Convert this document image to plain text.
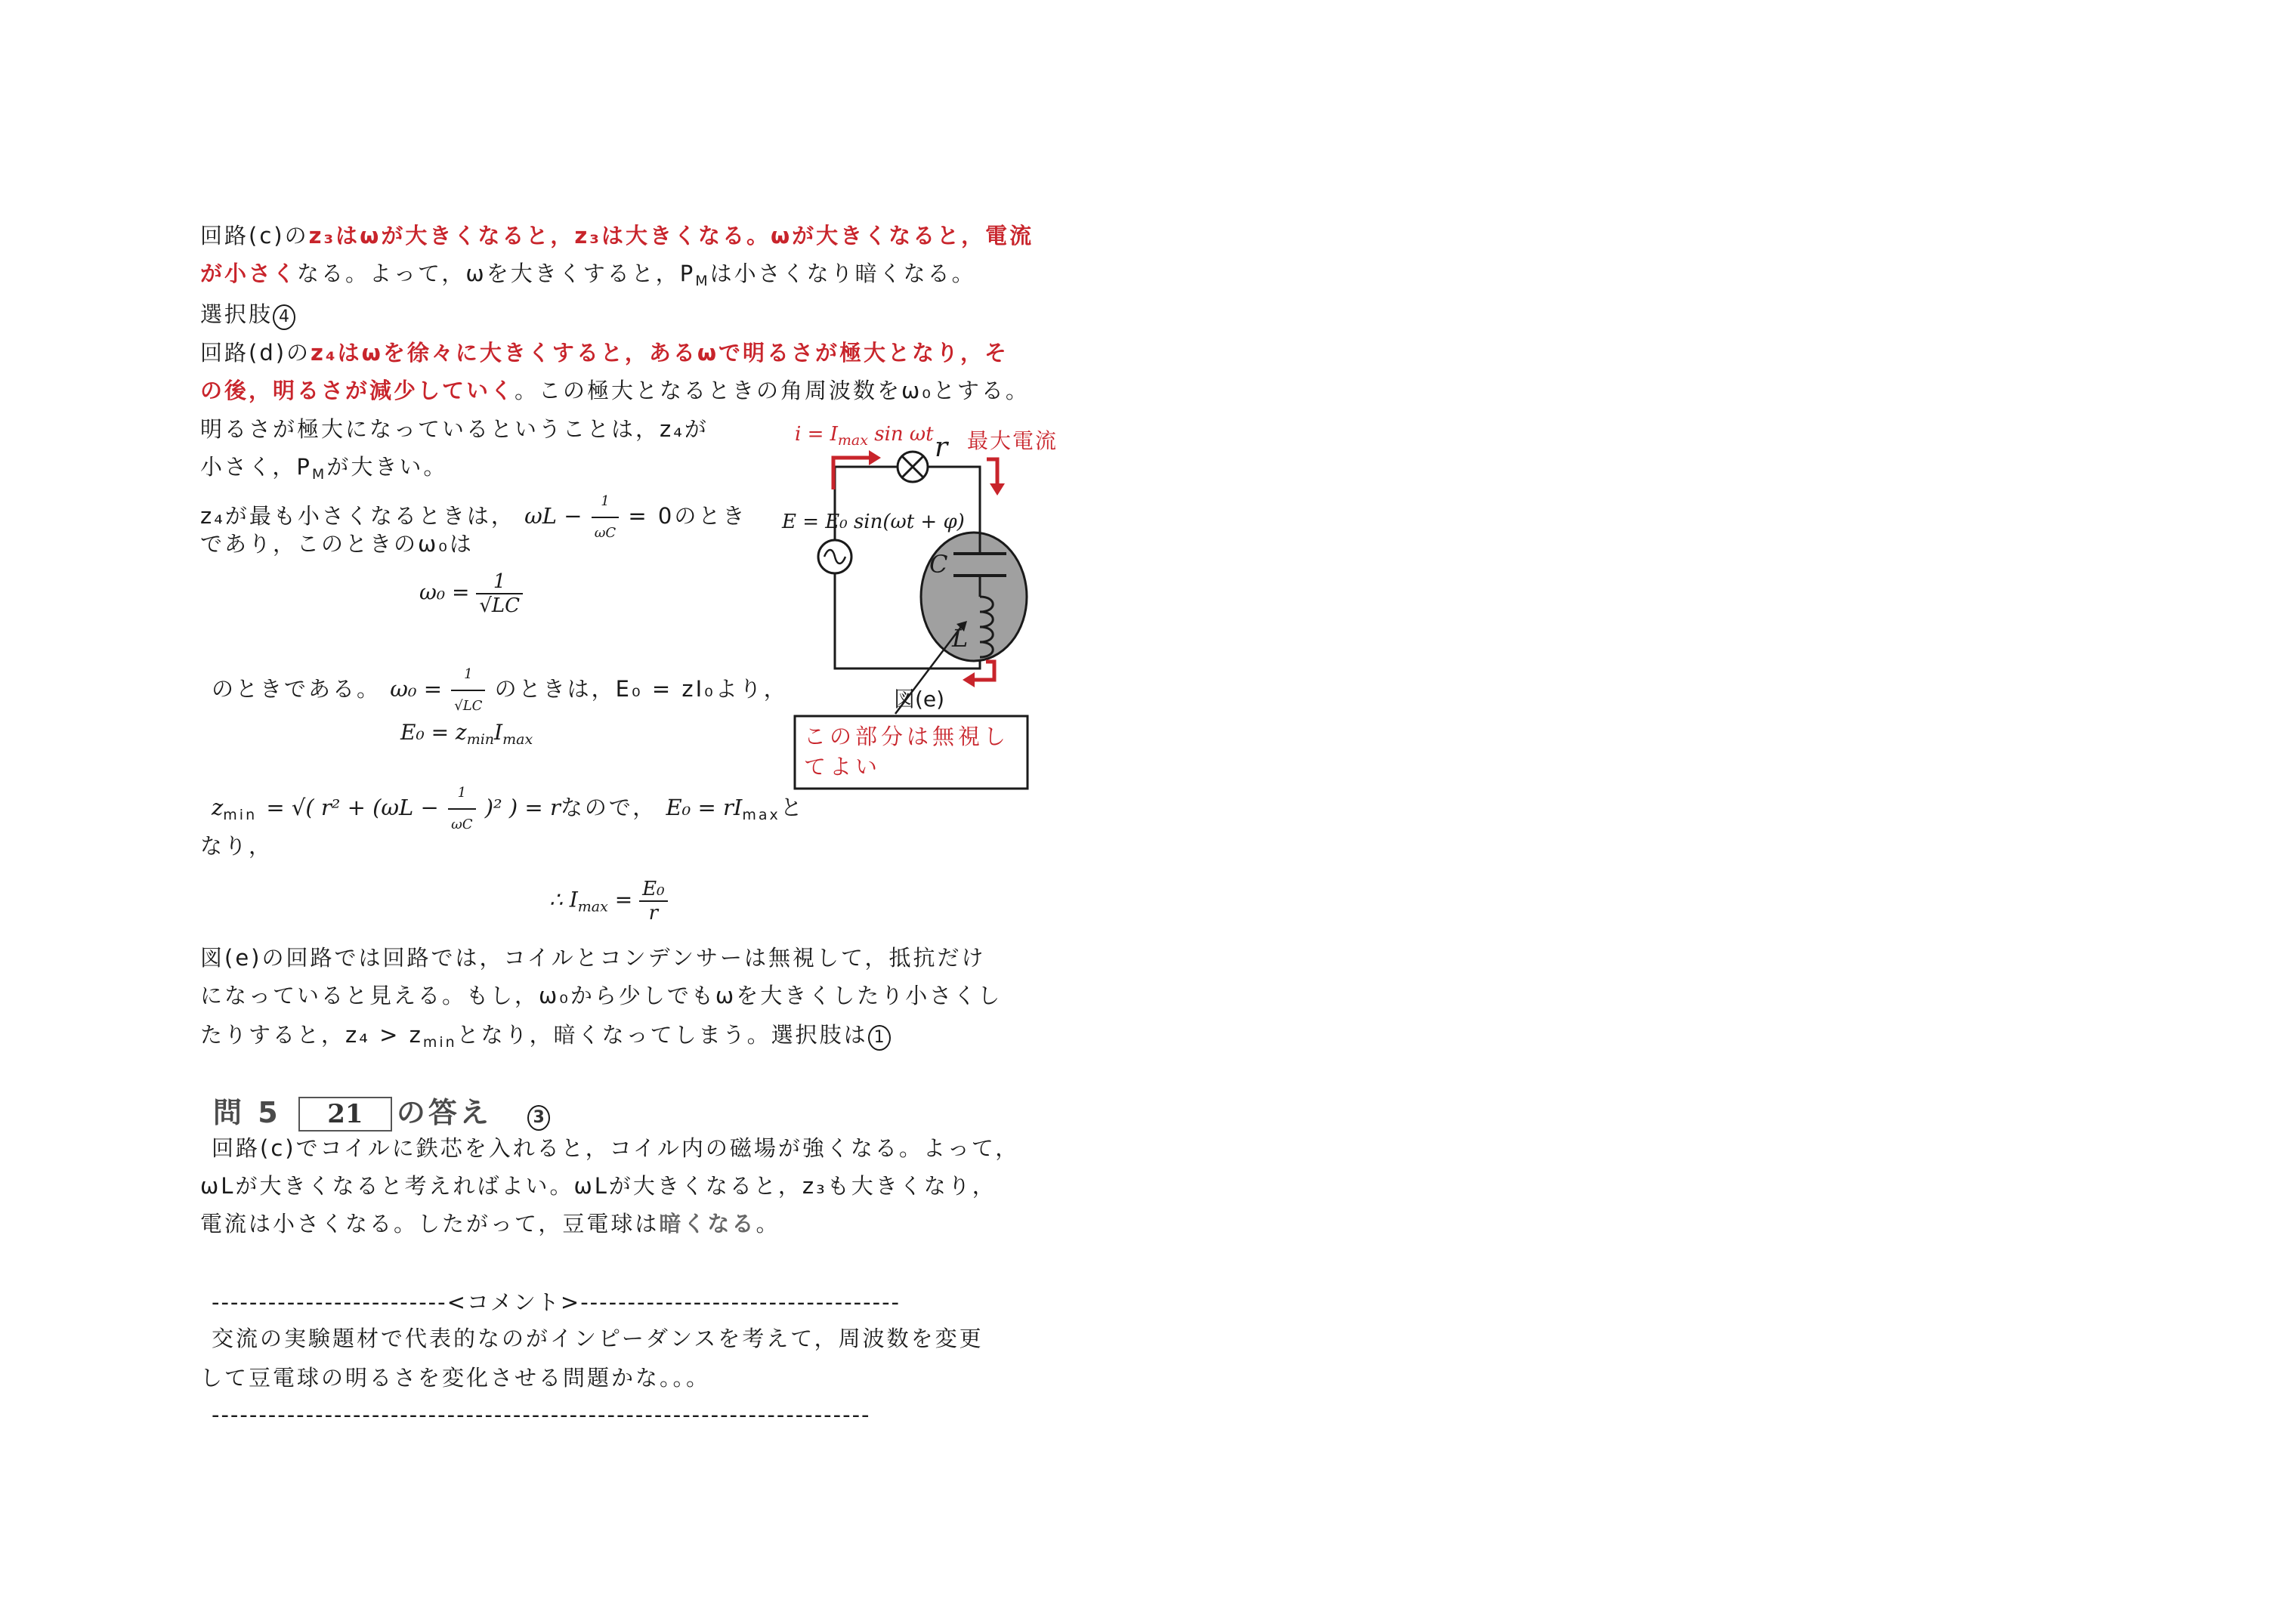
回路(c)のz₃はωが大きくなると，z₃は大きくなる。ωが大きくなると，電流
が小さくなる。よって，ωを大きくすると，$P_M$は小さくなり暗くなる。
選択肢 4
回路(d)のz₄はωを徐々に大きくすると，あるωで明るさが極大となり，そ
の後，明るさが減少していく。この極大となるときの角周波数をω₀とする。
明るさが極大になっているということは，z₄が
小さく，$P_M$が大きい。
z₄が最も小さくなるときは， $\omega L - \frac{1}{\omega C} = 0$のとき
であり，このときのω₀は
$\omega_0 = \frac{1}{√LC}$
のときである。 $\omega_0 = \frac{1}{√LC}$ のときは，E₀ = zI₀より，
$E_0 = z_{min}I_{max}$
$z_{min}$ = √( $r^2 + (\omega L - \frac{1}{\omega C} )^2$ ) = rなので， $E_0 = rI_{max}$と
なり，
∴ $I_{max} = \frac{\text{E₀}}{r}$
図(e)の回路では回路では，コイルとコンデンサーは無視して，抵抗だけ
になっていると見える。もし，ω₀から少しでもωを大きくしたり小さくし
たりすると，$z_4 > z_{min}$となり，暗くなってしまう。選択肢は 1
問 5 21 の答え 3
回路(c)でコイルに鉄芯を入れると，コイル内の磁場が強くなる。よって，
ωLが大きくなると考えればよい。ωLが大きくなると，z₃も大きくなり，
電流は小さくなる。したがって，豆電球は暗くなる。
-------------------------<コメント>----------------------------------
交流の実験題材で代表的なのがインピーダンスを考えて，周波数を変更
して豆電球の明るさを変化させる問題かな。。。
----------------------------------------------------------------------
$i = I_{max}$ sin ωt 最大電流
r
E = E₀ sin(ωt + φ)
C
L
図(e)
この部分は無視し
てよい
